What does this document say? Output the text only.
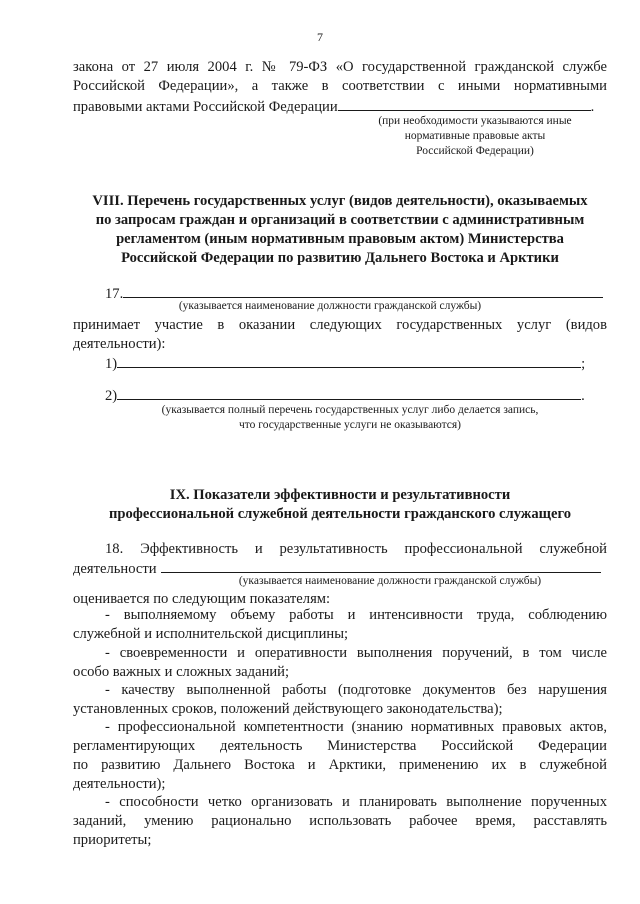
7
закона от 27 июля 2004 г. № 79-ФЗ «О государственной гражданской службе
Российской Федерации», а также в соответствии с иными нормативными
правовыми актами Российской Федерации	.
(при необходимости указываются иные
нормативные правовые акты
Российской Федерации)
VIII. Перечень государственных услуг (видов деятельности), оказываемых
по запросам граждан и организаций в соответствии с административным
регламентом (иным нормативным правовым актом) Министерства
Российской Федерации по развитию Дальнего Востока и Арктики
17.
(указывается наименование должности гражданской службы)
принимает участие в оказании следующих государственных услуг (видов
деятельности):
1)	;
2)	.
(указывается полный перечень государственных услуг либо делается запись,
что государственные услуги не оказываются)
IX. Показатели эффективности и результативности
профессиональной служебной деятельности гражданского служащего
18. Эффективность и результативность профессиональной служебной
деятельности
(указывается наименование должности гражданской службы)
оценивается по следующим показателям:
- выполняемому объему работы и интенсивности труда, соблюдению
служебной и исполнительской дисциплины;
- своевременности и оперативности выполнения поручений, в том числе
особо важных и сложных заданий;
- качеству выполненной работы (подготовке документов без нарушения
установленных сроков, положений действующего законодательства);
- профессиональной компетентности (знанию нормативных правовых актов,
регламентирующих деятельность Министерства Российской Федерации
по развитию Дальнего Востока и Арктики, применению их в служебной
деятельности);
- способности четко организовать и планировать выполнение порученных
заданий, умению рационально использовать рабочее время, расставлять
приоритеты;
